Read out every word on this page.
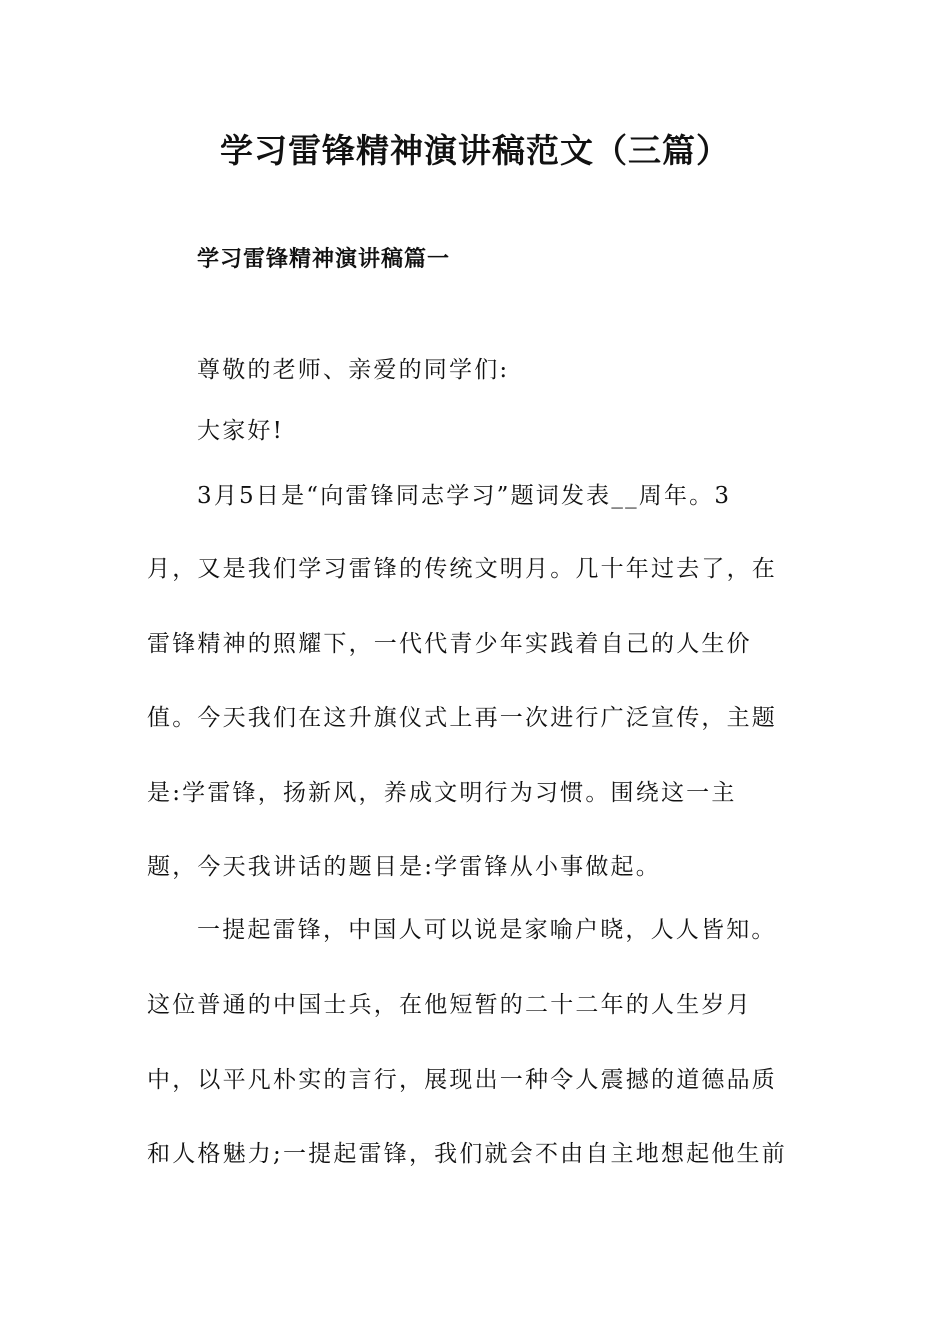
学习雷锋精神演讲稿范文（三篇）
学习雷锋精神演讲稿篇一
尊敬的老师、亲爱的同学们:
大家好!
3月5日是“向雷锋同志学习”题词发表__周年。3
月，又是我们学习雷锋的传统文明月。几十年过去了，在
雷锋精神的照耀下，一代代青少年实践着自己的人生价
值。今天我们在这升旗仪式上再一次进行广泛宣传，主题
是:学雷锋，扬新风，养成文明行为习惯。围绕这一主
题，今天我讲话的题目是:学雷锋从小事做起。
一提起雷锋，中国人可以说是家喻户晓，人人皆知。
这位普通的中国士兵，在他短暂的二十二年的人生岁月
中，以平凡朴实的言行，展现出一种令人震撼的道德品质
和人格魅力;一提起雷锋，我们就会不由自主地想起他生前
